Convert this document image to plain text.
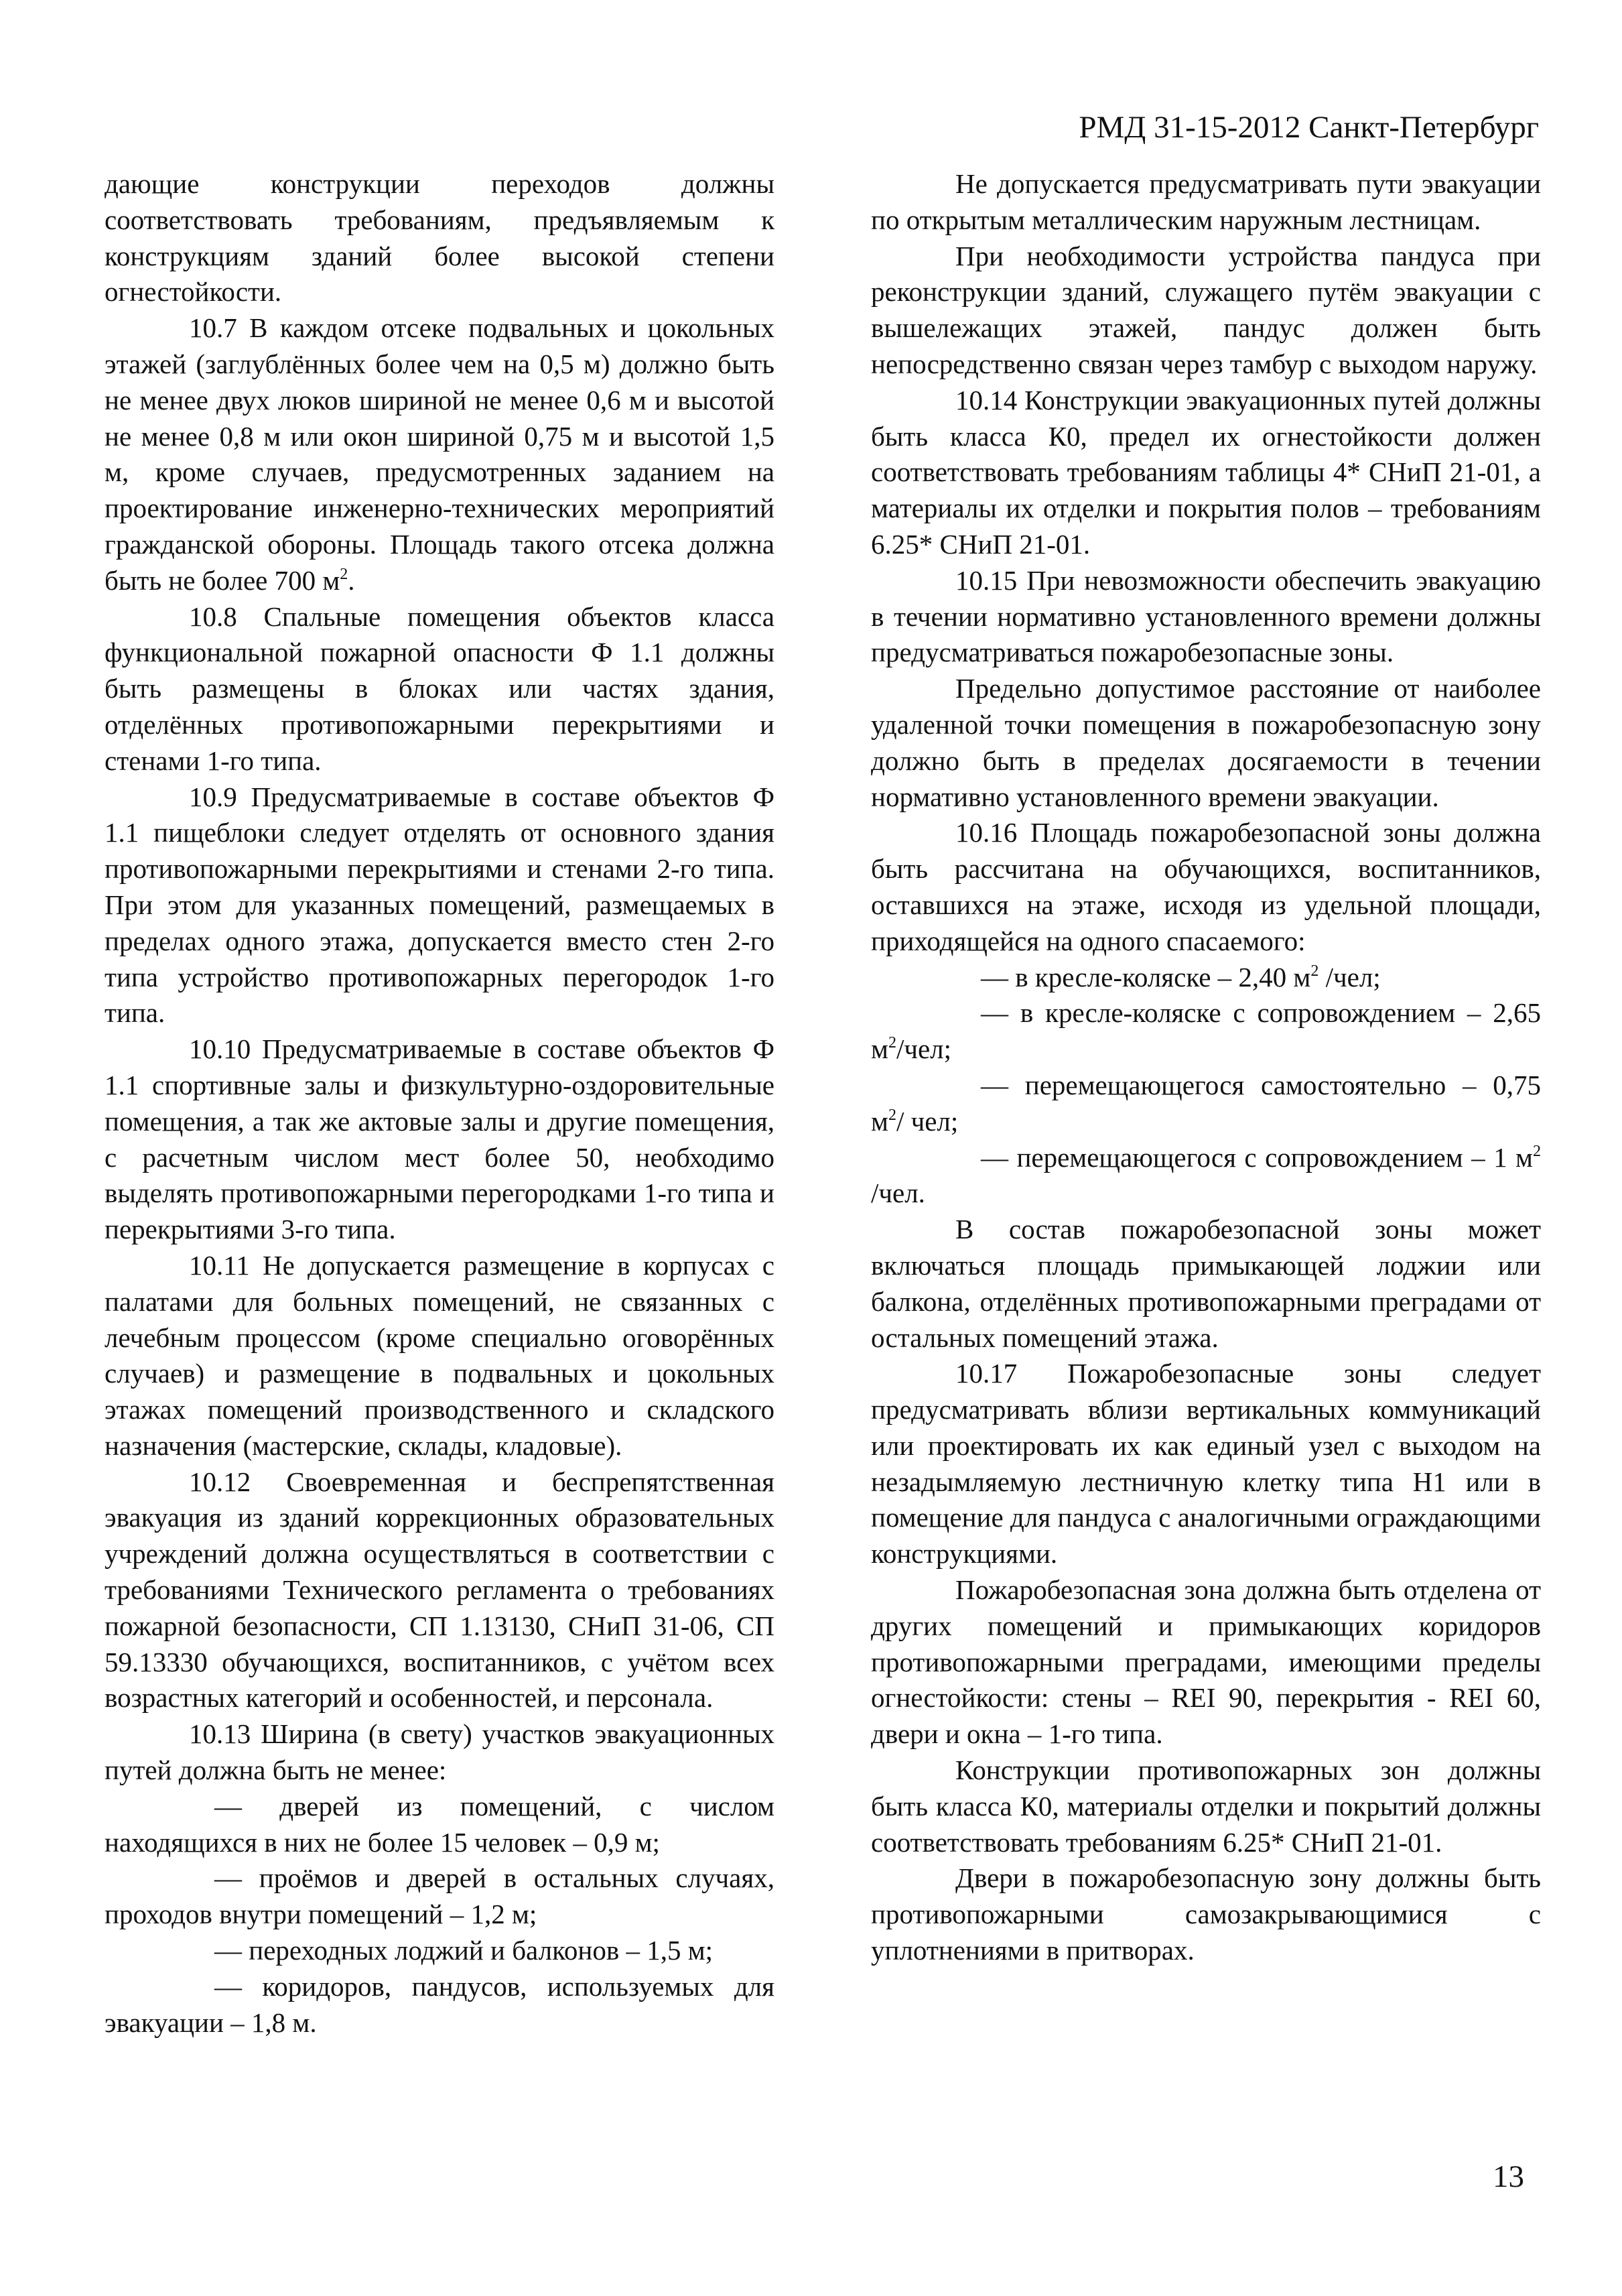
РМД 31-15-2012 Санкт-Петербург

дающие конструкции переходов должны соответствовать требованиям, предъявляемым к конструкциям зданий более высокой степени огнестойкости.

10.7 В каждом отсеке подвальных и цокольных этажей (заглублённых более чем на 0,5 м) должно быть не менее двух люков шириной не менее 0,6 м и высотой не менее 0,8 м или окон шириной 0,75 м и высотой 1,5 м, кроме случаев, предусмотренных заданием на проектирование инженерно-технических мероприятий гражданской обороны. Площадь такого отсека должна быть не более 700 $м^2$.

10.8 Спальные помещения объектов класса функциональной пожарной опасности Ф 1.1 должны быть размещены в блоках или частях здания, отделённых противопожарными перекрытиями и стенами 1-го типа.

10.9 Предусматриваемые в составе объектов Ф 1.1 пищеблоки следует отделять от основного здания противопожарными перекрытиями и стенами 2-го типа. При этом для указанных помещений, размещаемых в пределах одного этажа, допускается вместо стен 2-го типа устройство противопожарных перегородок 1-го типа.

10.10 Предусматриваемые в составе объектов Ф 1.1 спортивные залы и физкультурно-оздоровительные помещения, а так же актовые залы и другие помещения, с расчетным числом мест более 50, необходимо выделять противопожарными перегородками 1-го типа и перекрытиями 3-го типа.

10.11 Не допускается размещение в корпусах с палатами для больных помещений, не связанных с лечебным процессом (кроме специально оговорённых случаев) и размещение в подвальных и цокольных этажах помещений производственного и складского назначения (мастерские, склады, кладовые).

10.12 Своевременная и беспрепятственная эвакуация из зданий коррекционных образовательных учреждений должна осуществляться в соответствии с требованиями Технического регламента о требованиях пожарной безопасности, СП 1.13130, СНиП 31-06, СП 59.13330 обучающихся, воспитанников, с учётом всех возрастных категорий и особенностей, и персонала.

10.13 Ширина (в свету) участков эвакуационных путей должна быть не менее:

— дверей из помещений, с числом находящихся в них не более 15 человек – 0,9 м;

— проёмов и дверей в остальных случаях, проходов внутри помещений – 1,2 м;

— переходных лоджий и балконов – 1,5 м;

— коридоров, пандусов, используемых для эвакуации – 1,8 м.

Не допускается предусматривать пути эвакуации по открытым металлическим наружным лестницам.

При необходимости устройства пандуса при реконструкции зданий, служащего путём эвакуации с вышележащих этажей, пандус должен быть непосредственно связан через тамбур с выходом наружу.

10.14 Конструкции эвакуационных путей должны быть класса К0, предел их огнестойкости должен соответствовать требованиям таблицы 4* СНиП 21-01, а материалы их отделки и покрытия полов – требованиям 6.25* СНиП 21-01.

10.15 При невозможности обеспечить эвакуацию в течении нормативно установленного времени должны предусматриваться пожаробезопасные зоны.

Предельно допустимое расстояние от наиболее удаленной точки помещения в пожаробезопасную зону должно быть в пределах досягаемости в течении нормативно установленного времени эвакуации.

10.16 Площадь пожаробезопасной зоны должна быть рассчитана на обучающихся, воспитанников, оставшихся на этаже, исходя из удельной площади, приходящейся на одного спасаемого:

— в кресле-коляске – 2,40 $м^2$ /чел;

— в кресле-коляске с сопровождением – 2,65 $м^2$/чел;

— перемещающегося самостоятельно – 0,75 $м^2/$ чел;

— перемещающегося с сопровождением – 1 $м^2$ /чел.

В состав пожаробезопасной зоны может включаться площадь примыкающей лоджии или балкона, отделённых противопожарными преградами от остальных помещений этажа.

10.17 Пожаробезопасные зоны следует предусматривать вблизи вертикальных коммуникаций или проектировать их как единый узел с выходом на незадымляемую лестничную клетку типа Н1 или в помещение для пандуса с аналогичными ограждающими конструкциями.

Пожаробезопасная зона должна быть отделена от других помещений и примыкающих коридоров противопожарными преградами, имеющими пределы огнестойкости: стены – REI 90, перекрытия - REI 60, двери и окна – 1-го типа.

Конструкции противопожарных зон должны быть класса К0, материалы отделки и покрытий должны соответствовать требованиям 6.25* СНиП 21-01.

Двери в пожаробезопасную зону должны быть противопожарными самозакрывающимися с уплотнениями в притворах.

13
